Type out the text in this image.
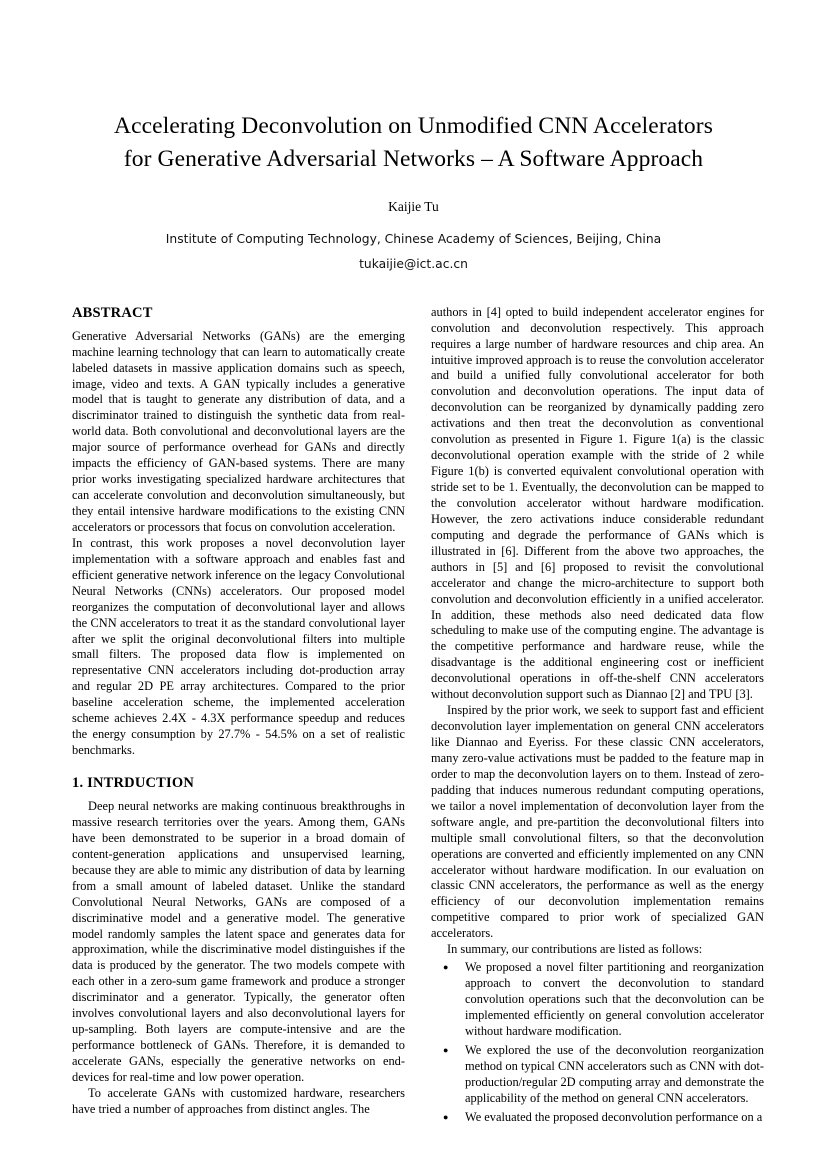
Accelerating Deconvolution on Unmodified CNN Accelerators for Generative Adversarial Networks – A Software Approach
Kaijie Tu
Institute of Computing Technology, Chinese Academy of Sciences, Beijing, China
tukaijie@ict.ac.cn
ABSTRACT

Generative Adversarial Networks (GANs) are the emerging machine learning technology that can learn to automatically create labeled datasets in massive application domains such as speech, image, video and texts. A GAN typically includes a generative model that is taught to generate any distribution of data, and a discriminator trained to distinguish the synthetic data from real-world data. Both convolutional and deconvolutional layers are the major source of performance overhead for GANs and directly impacts the efficiency of GAN-based systems. There are many prior works investigating specialized hardware architectures that can accelerate convolution and deconvolution simultaneously, but they entail intensive hardware modifications to the existing CNN accelerators or processors that focus on convolution acceleration.

In contrast, this work proposes a novel deconvolution layer implementation with a software approach and enables fast and efficient generative network inference on the legacy Convolutional Neural Networks (CNNs) accelerators. Our proposed model reorganizes the computation of deconvolutional layer and allows the CNN accelerators to treat it as the standard convolutional layer after we split the original deconvolutional filters into multiple small filters. The proposed data flow is implemented on representative CNN accelerators including dot-production array and regular 2D PE array architectures. Compared to the prior baseline acceleration scheme, the implemented acceleration scheme achieves 2.4X - 4.3X performance speedup and reduces the energy consumption by 27.7% - 54.5% on a set of realistic benchmarks.

1. INTRDUCTION

Deep neural networks are making continuous breakthroughs in massive research territories over the years. Among them, GANs have been demonstrated to be superior in a broad domain of content-generation applications and unsupervised learning, because they are able to mimic any distribution of data by learning from a small amount of labeled dataset. Unlike the standard Convolutional Neural Networks, GANs are composed of a discriminative model and a generative model. The generative model randomly samples the latent space and generates data for approximation, while the discriminative model distinguishes if the data is produced by the generator. The two models compete with each other in a zero-sum game framework and produce a stronger discriminator and a generator. Typically, the generator often involves convolutional layers and also deconvolutional layers for up-sampling. Both layers are compute-intensive and are the performance bottleneck of GANs. Therefore, it is demanded to accelerate GANs, especially the generative networks on end-devices for real-time and low power operation.

To accelerate GANs with customized hardware, researchers have tried a number of approaches from distinct angles. The

authors in [4] opted to build independent accelerator engines for convolution and deconvolution respectively. This approach requires a large number of hardware resources and chip area. An intuitive improved approach is to reuse the convolution accelerator and build a unified fully convolutional accelerator for both convolution and deconvolution operations. The input data of deconvolution can be reorganized by dynamically padding zero activations and then treat the deconvolution as conventional convolution as presented in Figure 1. Figure 1(a) is the classic deconvolutional operation example with the stride of 2 while Figure 1(b) is converted equivalent convolutional operation with stride set to be 1. Eventually, the deconvolution can be mapped to the convolution accelerator without hardware modification. However, the zero activations induce considerable redundant computing and degrade the performance of GANs which is illustrated in [6]. Different from the above two approaches, the authors in [5] and [6] proposed to revisit the convolutional accelerator and change the micro-architecture to support both convolution and deconvolution efficiently in a unified accelerator. In addition, these methods also need dedicated data flow scheduling to make use of the computing engine. The advantage is the competitive performance and hardware reuse, while the disadvantage is the additional engineering cost or inefficient deconvolutional operations in off-the-shelf CNN accelerators without deconvolution support such as Diannao [2] and TPU [3].

Inspired by the prior work, we seek to support fast and efficient deconvolution layer implementation on general CNN accelerators like Diannao and Eyeriss. For these classic CNN accelerators, many zero-value activations must be padded to the feature map in order to map the deconvolution layers on to them. Instead of zero-padding that induces numerous redundant computing operations, we tailor a novel implementation of deconvolution layer from the software angle, and pre-partition the deconvolutional filters into multiple small convolutional filters, so that the deconvolution operations are converted and efficiently implemented on any CNN accelerator without hardware modification. In our evaluation on classic CNN accelerators, the performance as well as the energy efficiency of our deconvolution implementation remains competitive compared to prior work of specialized GAN accelerators.

In summary, our contributions are listed as follows:

● We proposed a novel filter partitioning and reorganization approach to convert the deconvolution to standard convolution operations such that the deconvolution can be implemented efficiently on general convolution accelerator without hardware modification.
● We explored the use of the deconvolution reorganization method on typical CNN accelerators such as CNN with dot-production/regular 2D computing array and demonstrate the applicability of the method on general CNN accelerators.
● We evaluated the proposed deconvolution performance on a
